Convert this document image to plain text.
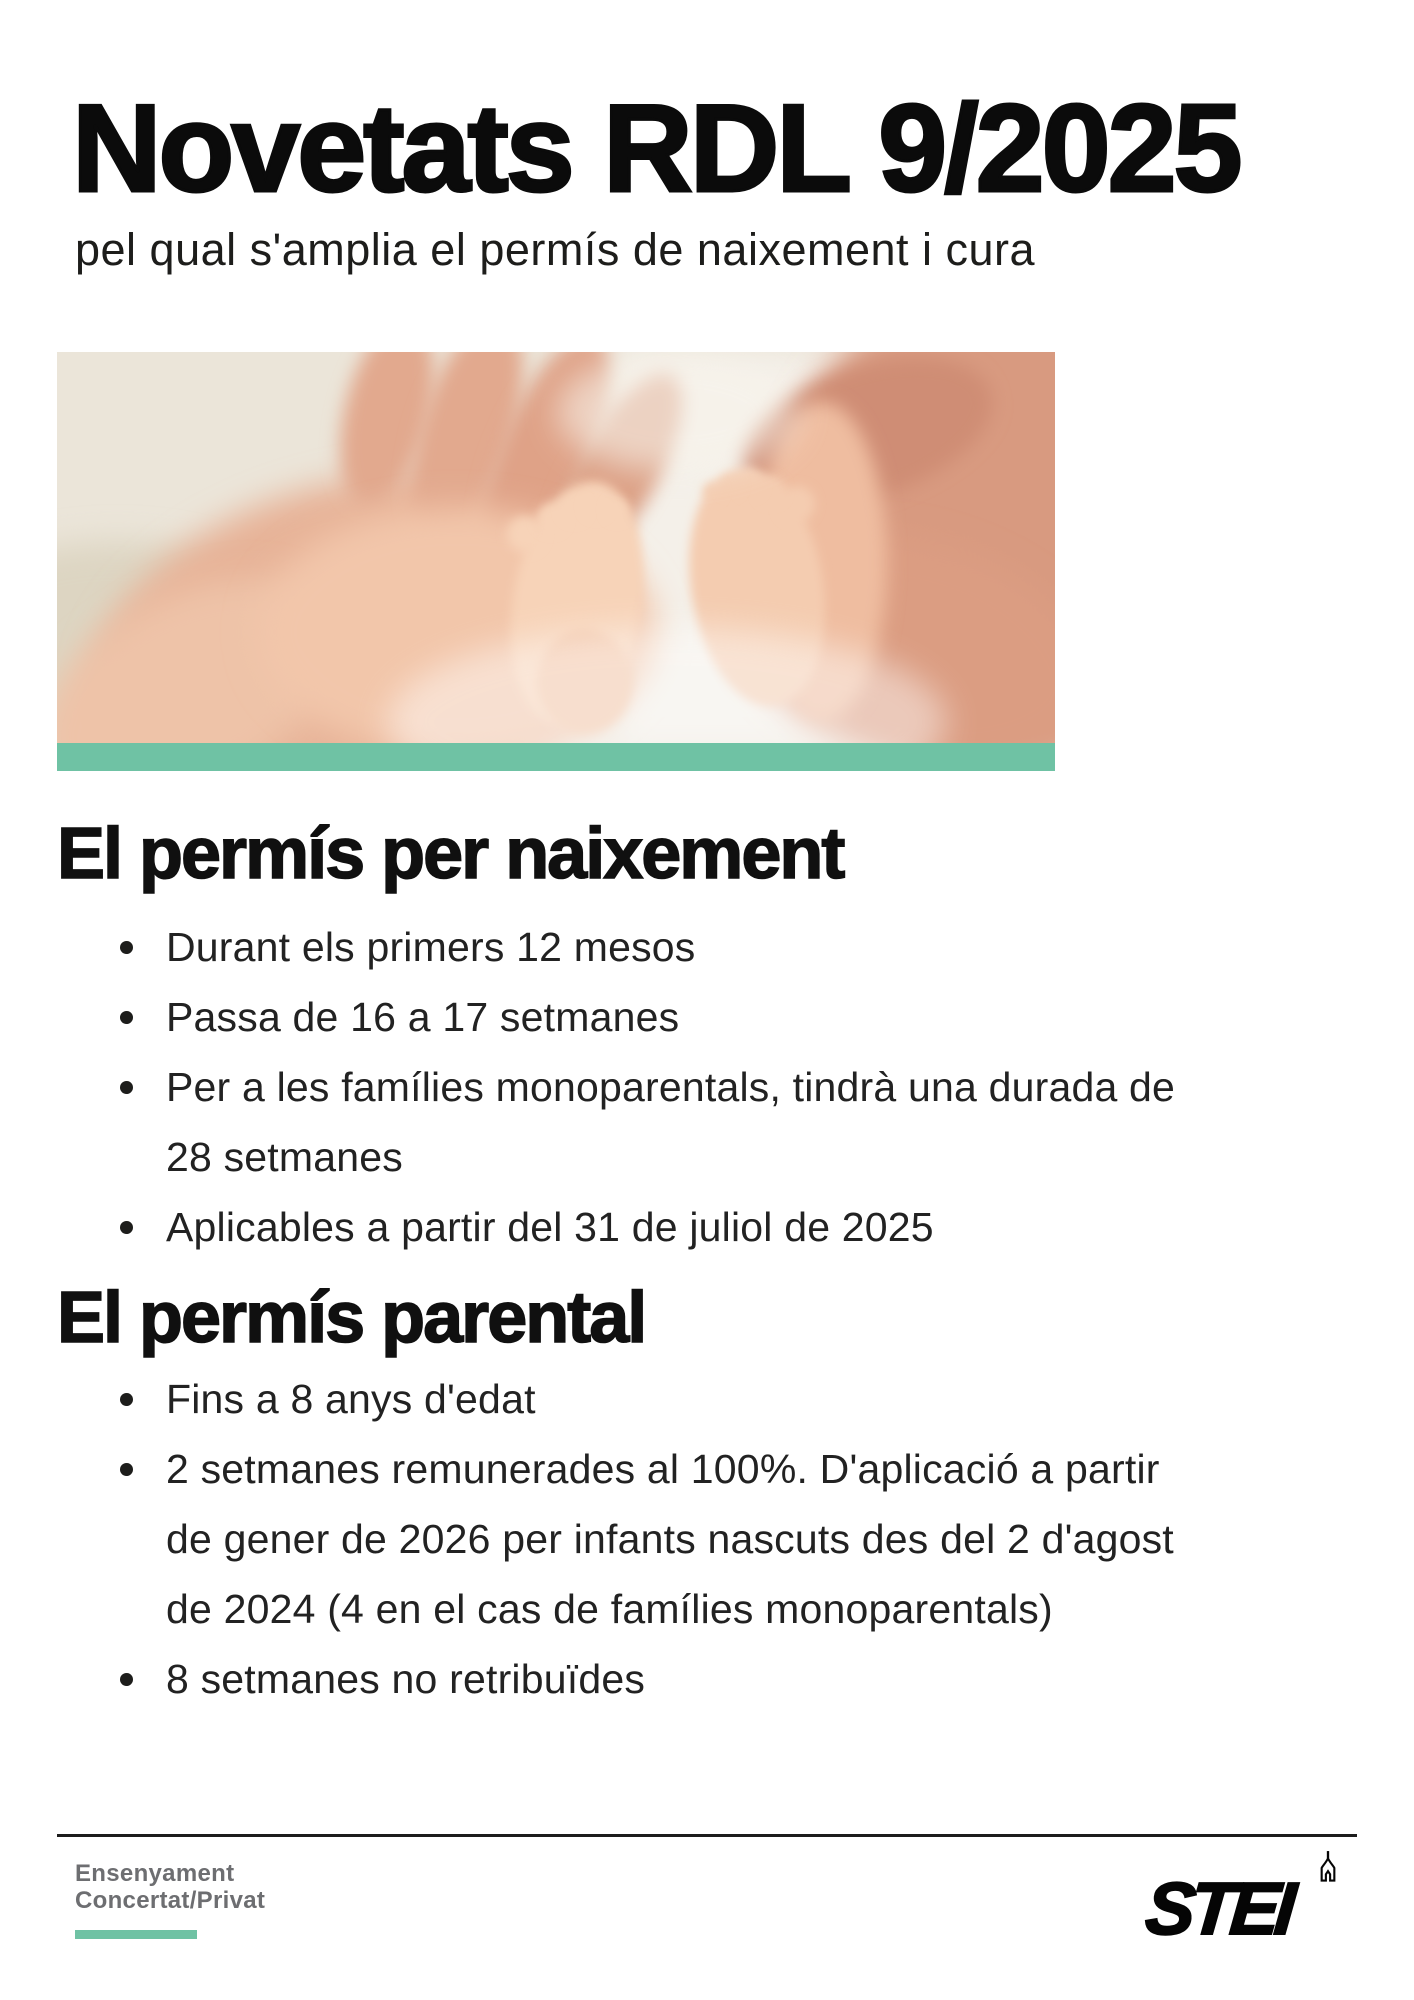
Novetats RDL 9/2025
pel qual s'amplia el permís de naixement i cura
El permís per naixement
Durant els primers 12 mesos
Passa de 16 a 17 setmanes
Per a les famílies monoparentals, tindrà una durada de 28 setmanes
Aplicables a partir del 31 de juliol de 2025
El permís parental
Fins a 8 anys d'edat
2 setmanes remunerades al 100%. D'aplicació a partir de gener de 2026 per infants nascuts des del 2 d'agost de 2024 (4 en el cas de famílies monoparentals)
8 setmanes no retribuïdes
Ensenyament
Concertat/Privat	STEI
